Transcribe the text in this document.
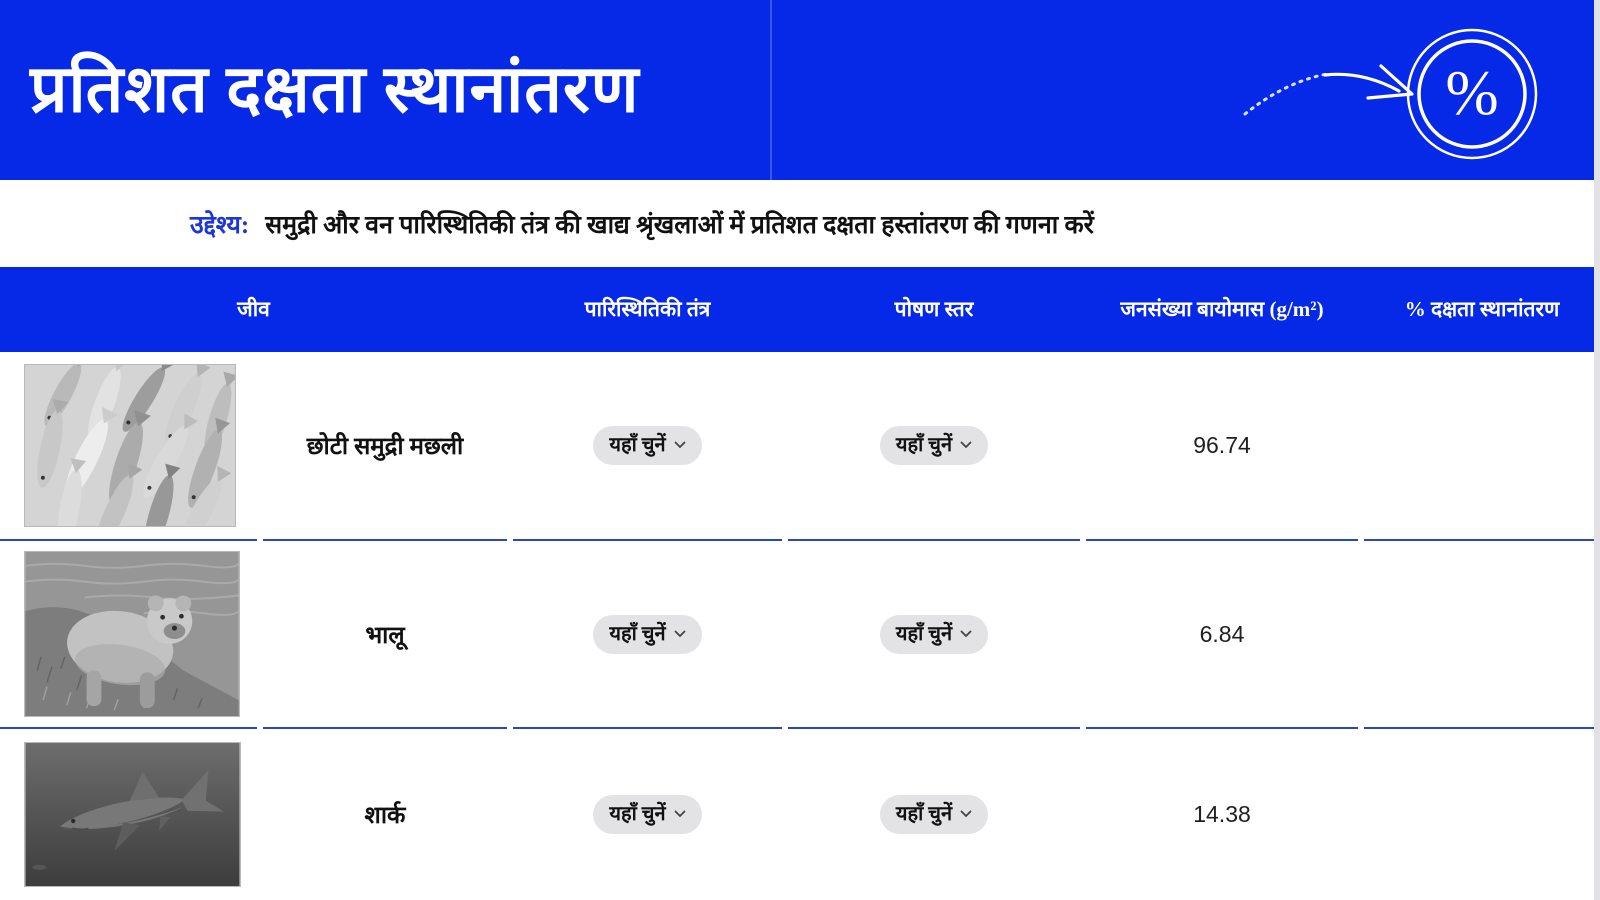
प्रतिशत दक्षता स्थानांतरण	%
उद्देश्य: समुद्री और वन पारिस्थितिकी तंत्र की खाद्य श्रृंखलाओं में प्रतिशत दक्षता हस्तांतरण की गणना करें
जीव	पारिस्थितिकी तंत्र	पोषण स्तर	जनसंख्या बायोमास (g/m²)	% दक्षता स्थानांतरण
छोटी समुद्री मछली	यहाँ चुनें	यहाँ चुनें	96.74
भालू	यहाँ चुनें	यहाँ चुनें	6.84
शार्क	यहाँ चुनें	यहाँ चुनें	14.38
